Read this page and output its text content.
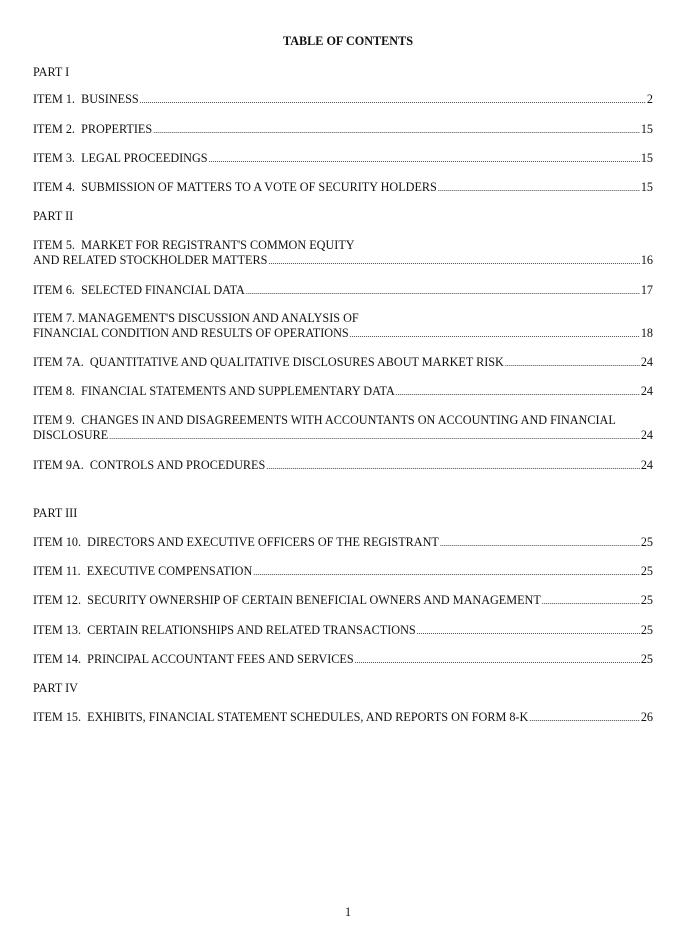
TABLE OF CONTENTS
PART I
ITEM 1.  BUSINESS .....	2
ITEM 2.  PROPERTIES .....	15
ITEM 3.  LEGAL PROCEEDINGS .....	15
ITEM 4.  SUBMISSION OF MATTERS TO A VOTE OF SECURITY HOLDERS .....	15
PART II
ITEM 5.  MARKET FOR REGISTRANT'S COMMON EQUITY
AND RELATED STOCKHOLDER MATTERS .....	16
ITEM 6.  SELECTED FINANCIAL DATA .....	17
ITEM 7. MANAGEMENT'S DISCUSSION AND ANALYSIS OF
FINANCIAL CONDITION AND RESULTS OF OPERATIONS .....	18
ITEM 7A.  QUANTITATIVE AND QUALITATIVE DISCLOSURES ABOUT MARKET RISK .....	24
ITEM 8.  FINANCIAL STATEMENTS AND SUPPLEMENTARY DATA .....	24
ITEM 9.  CHANGES IN AND DISAGREEMENTS WITH ACCOUNTANTS ON ACCOUNTING AND FINANCIAL
DISCLOSURE .....	24
ITEM 9A.  CONTROLS AND PROCEDURES .....	24
PART III
ITEM 10.  DIRECTORS AND EXECUTIVE OFFICERS OF THE REGISTRANT .....	25
ITEM 11.  EXECUTIVE COMPENSATION .....	25
ITEM 12.  SECURITY OWNERSHIP OF CERTAIN BENEFICIAL OWNERS AND MANAGEMENT .....	25
ITEM 13.  CERTAIN RELATIONSHIPS AND RELATED TRANSACTIONS .....	25
ITEM 14.  PRINCIPAL ACCOUNTANT FEES AND SERVICES .....	25
PART IV
ITEM 15.  EXHIBITS, FINANCIAL STATEMENT SCHEDULES, AND REPORTS ON FORM 8-K .....	26
1
